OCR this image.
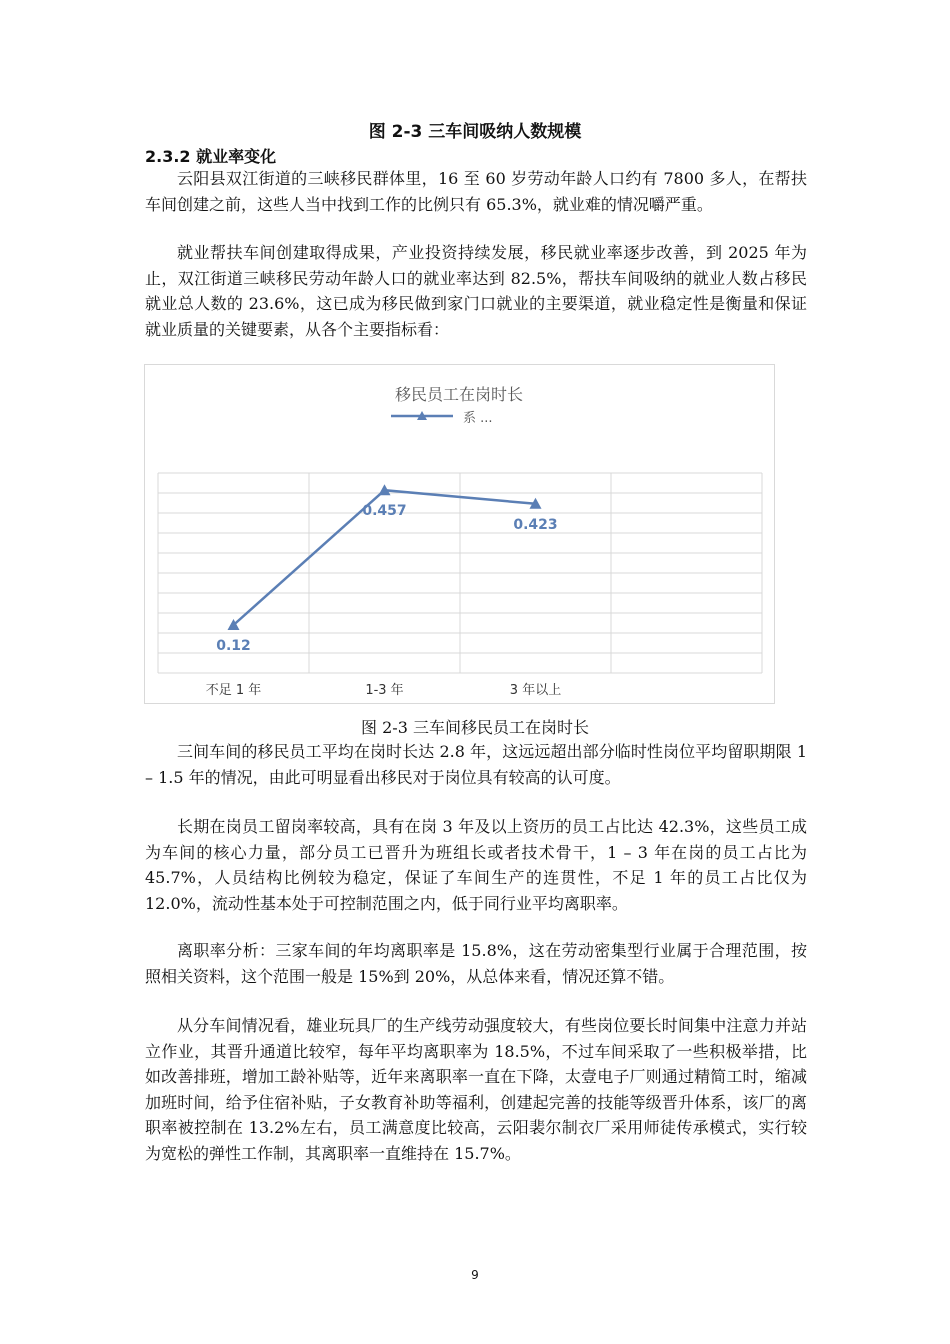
图 2-3 三车间吸纳人数规模
2.3.2 就业率变化

云阳县双江街道的三峡移民群体里，16 至 60 岁劳动年龄人口约有 7800 多人，在帮扶车间创建之前，这些人当中找到工作的比例只有 65.3%，就业难的情况嚼严重。

就业帮扶车间创建取得成果，产业投资持续发展，移民就业率逐步改善，到 2025 年为止，双江街道三峡移民劳动年龄人口的就业率达到 82.5%，帮扶车间吸纳的就业人数占移民就业总人数的 23.6%，这已成为移民做到家门口就业的主要渠道，就业稳定性是衡量和保证就业质量的关键要素，从各个主要指标看：

移民员工在岗时长
系 ...
0.12
0.457
0.423
不足 1 年	1-3 年	3 年以上
图 2-3 三车间移民员工在岗时长

三间车间的移民员工平均在岗时长达 2.8 年，这远远超出部分临时性岗位平均留职期限 1 – 1.5 年的情况，由此可明显看出移民对于岗位具有较高的认可度。

长期在岗员工留岗率较高，具有在岗 3 年及以上资历的员工占比达 42.3%，这些员工成为车间的核心力量，部分员工已晋升为班组长或者技术骨干，1 – 3 年在岗的员工占比为 45.7%，人员结构比例较为稳定，保证了车间生产的连贯性，不足 1 年的员工占比仅为 12.0%，流动性基本处于可控制范围之内，低于同行业平均离职率。

离职率分析：三家车间的年均离职率是 15.8%，这在劳动密集型行业属于合理范围，按照相关资料，这个范围一般是 15%到 20%，从总体来看，情况还算不错。

从分车间情况看，雄业玩具厂的生产线劳动强度较大，有些岗位要长时间集中注意力并站立作业，其晋升通道比较窄，每年平均离职率为 18.5%，不过车间采取了一些积极举措，比如改善排班，增加工龄补贴等，近年来离职率一直在下降，太壹电子厂则通过精简工时，缩减加班时间，给予住宿补贴，子女教育补助等福利，创建起完善的技能等级晋升体系，该厂的离职率被控制在 13.2%左右，员工满意度比较高，云阳裴尔制衣厂采用师徒传承模式，实行较为宽松的弹性工作制，其离职率一直维持在 15.7%。

9
